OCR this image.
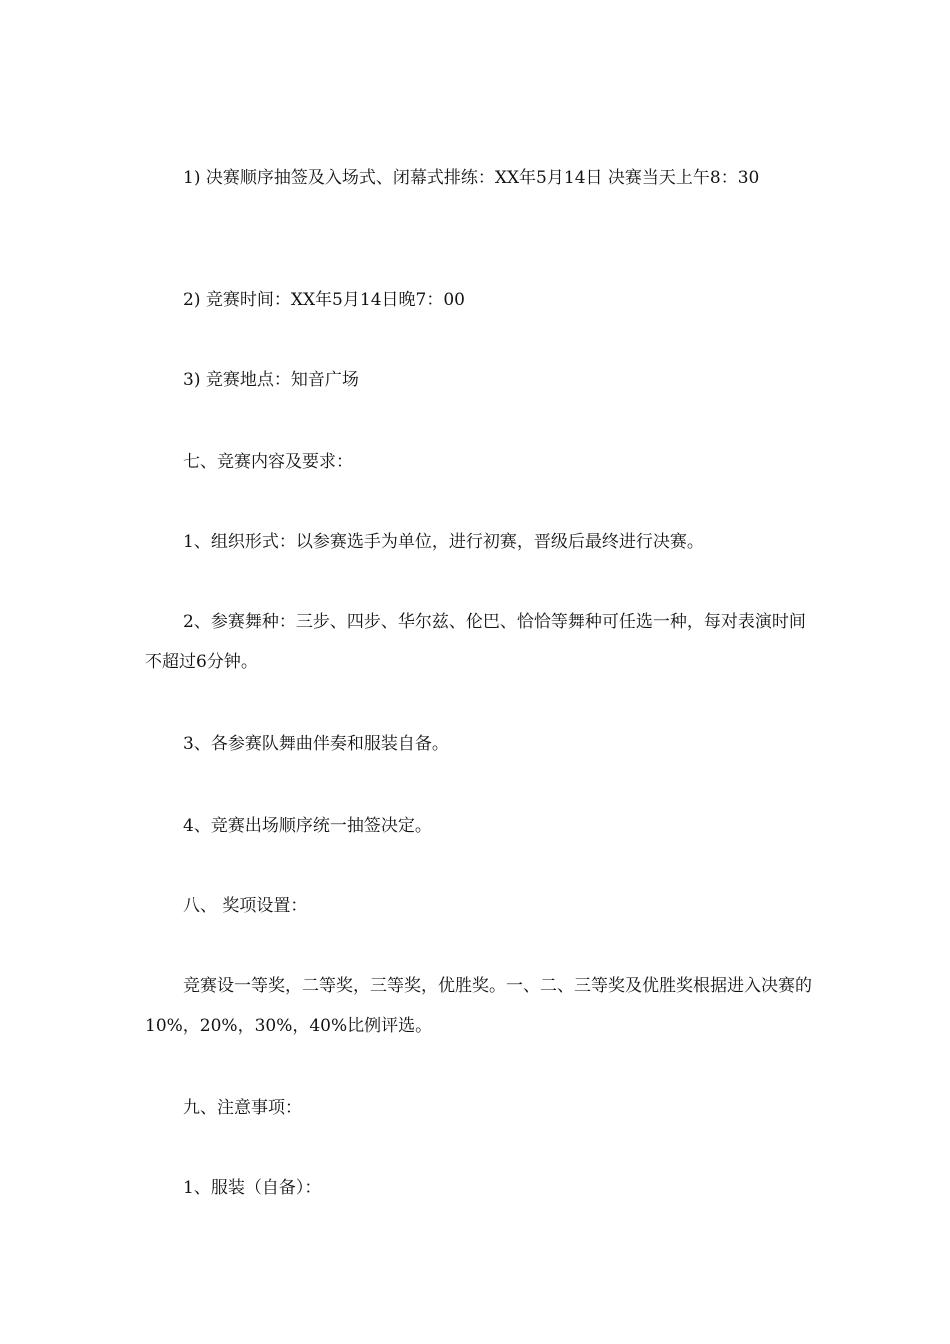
1) 决赛顺序抽签及入场式、闭幕式排练：XX年5月14日 决赛当天上午8：30

2) 竞赛时间：XX年5月14日晚7：00

3) 竞赛地点：知音广场

七、竞赛内容及要求：

1、组织形式：以参赛选手为单位，进行初赛，晋级后最终进行决赛。

2、参赛舞种：三步、四步、华尔兹、伦巴、恰恰等舞种可任选一种，每对表演时间不超过6分钟。

3、各参赛队舞曲伴奏和服装自备。

4、竞赛出场顺序统一抽签决定。

八、 奖项设置：

竞赛设一等奖，二等奖，三等奖，优胜奖。一、二、三等奖及优胜奖根据进入决赛的10%，20%，30%，40%比例评选。

九、注意事项：

1、服装（自备）：
